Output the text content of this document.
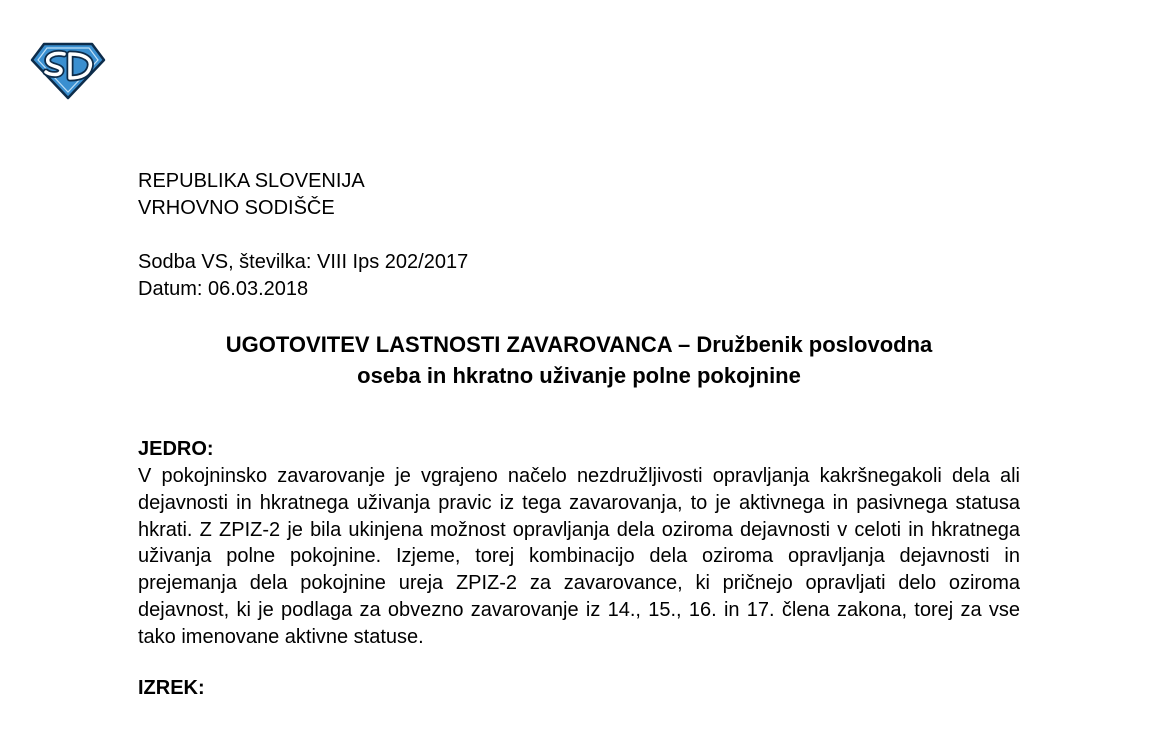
REPUBLIKA SLOVENIJA
VRHOVNO SODIŠČE
Sodba VS, številka: VIII Ips 202/2017
Datum: 06.03.2018
UGOTOVITEV LASTNOSTI ZAVAROVANCA – Družbenik poslovodna
oseba in hkratno uživanje polne pokojnine
JEDRO:
V pokojninsko zavarovanje je vgrajeno načelo nezdružljivosti opravljanja kakršnegakoli dela ali dejavnosti in hkratnega uživanja pravic iz tega zavarovanja, to je aktivnega in pasivnega statusa hkrati. Z ZPIZ-2 je bila ukinjena možnost opravljanja dela oziroma dejavnosti v celoti in hkratnega uživanja polne pokojnine. Izjeme, torej kombinacijo dela oziroma opravljanja dejavnosti in prejemanja dela pokojnine ureja ZPIZ-2 za zavarovance, ki pričnejo opravljati delo oziroma dejavnost, ki je podlaga za obvezno zavarovanje iz 14., 15., 16. in 17. člena zakona, torej za vse tako imenovane aktivne statuse.
IZREK:
